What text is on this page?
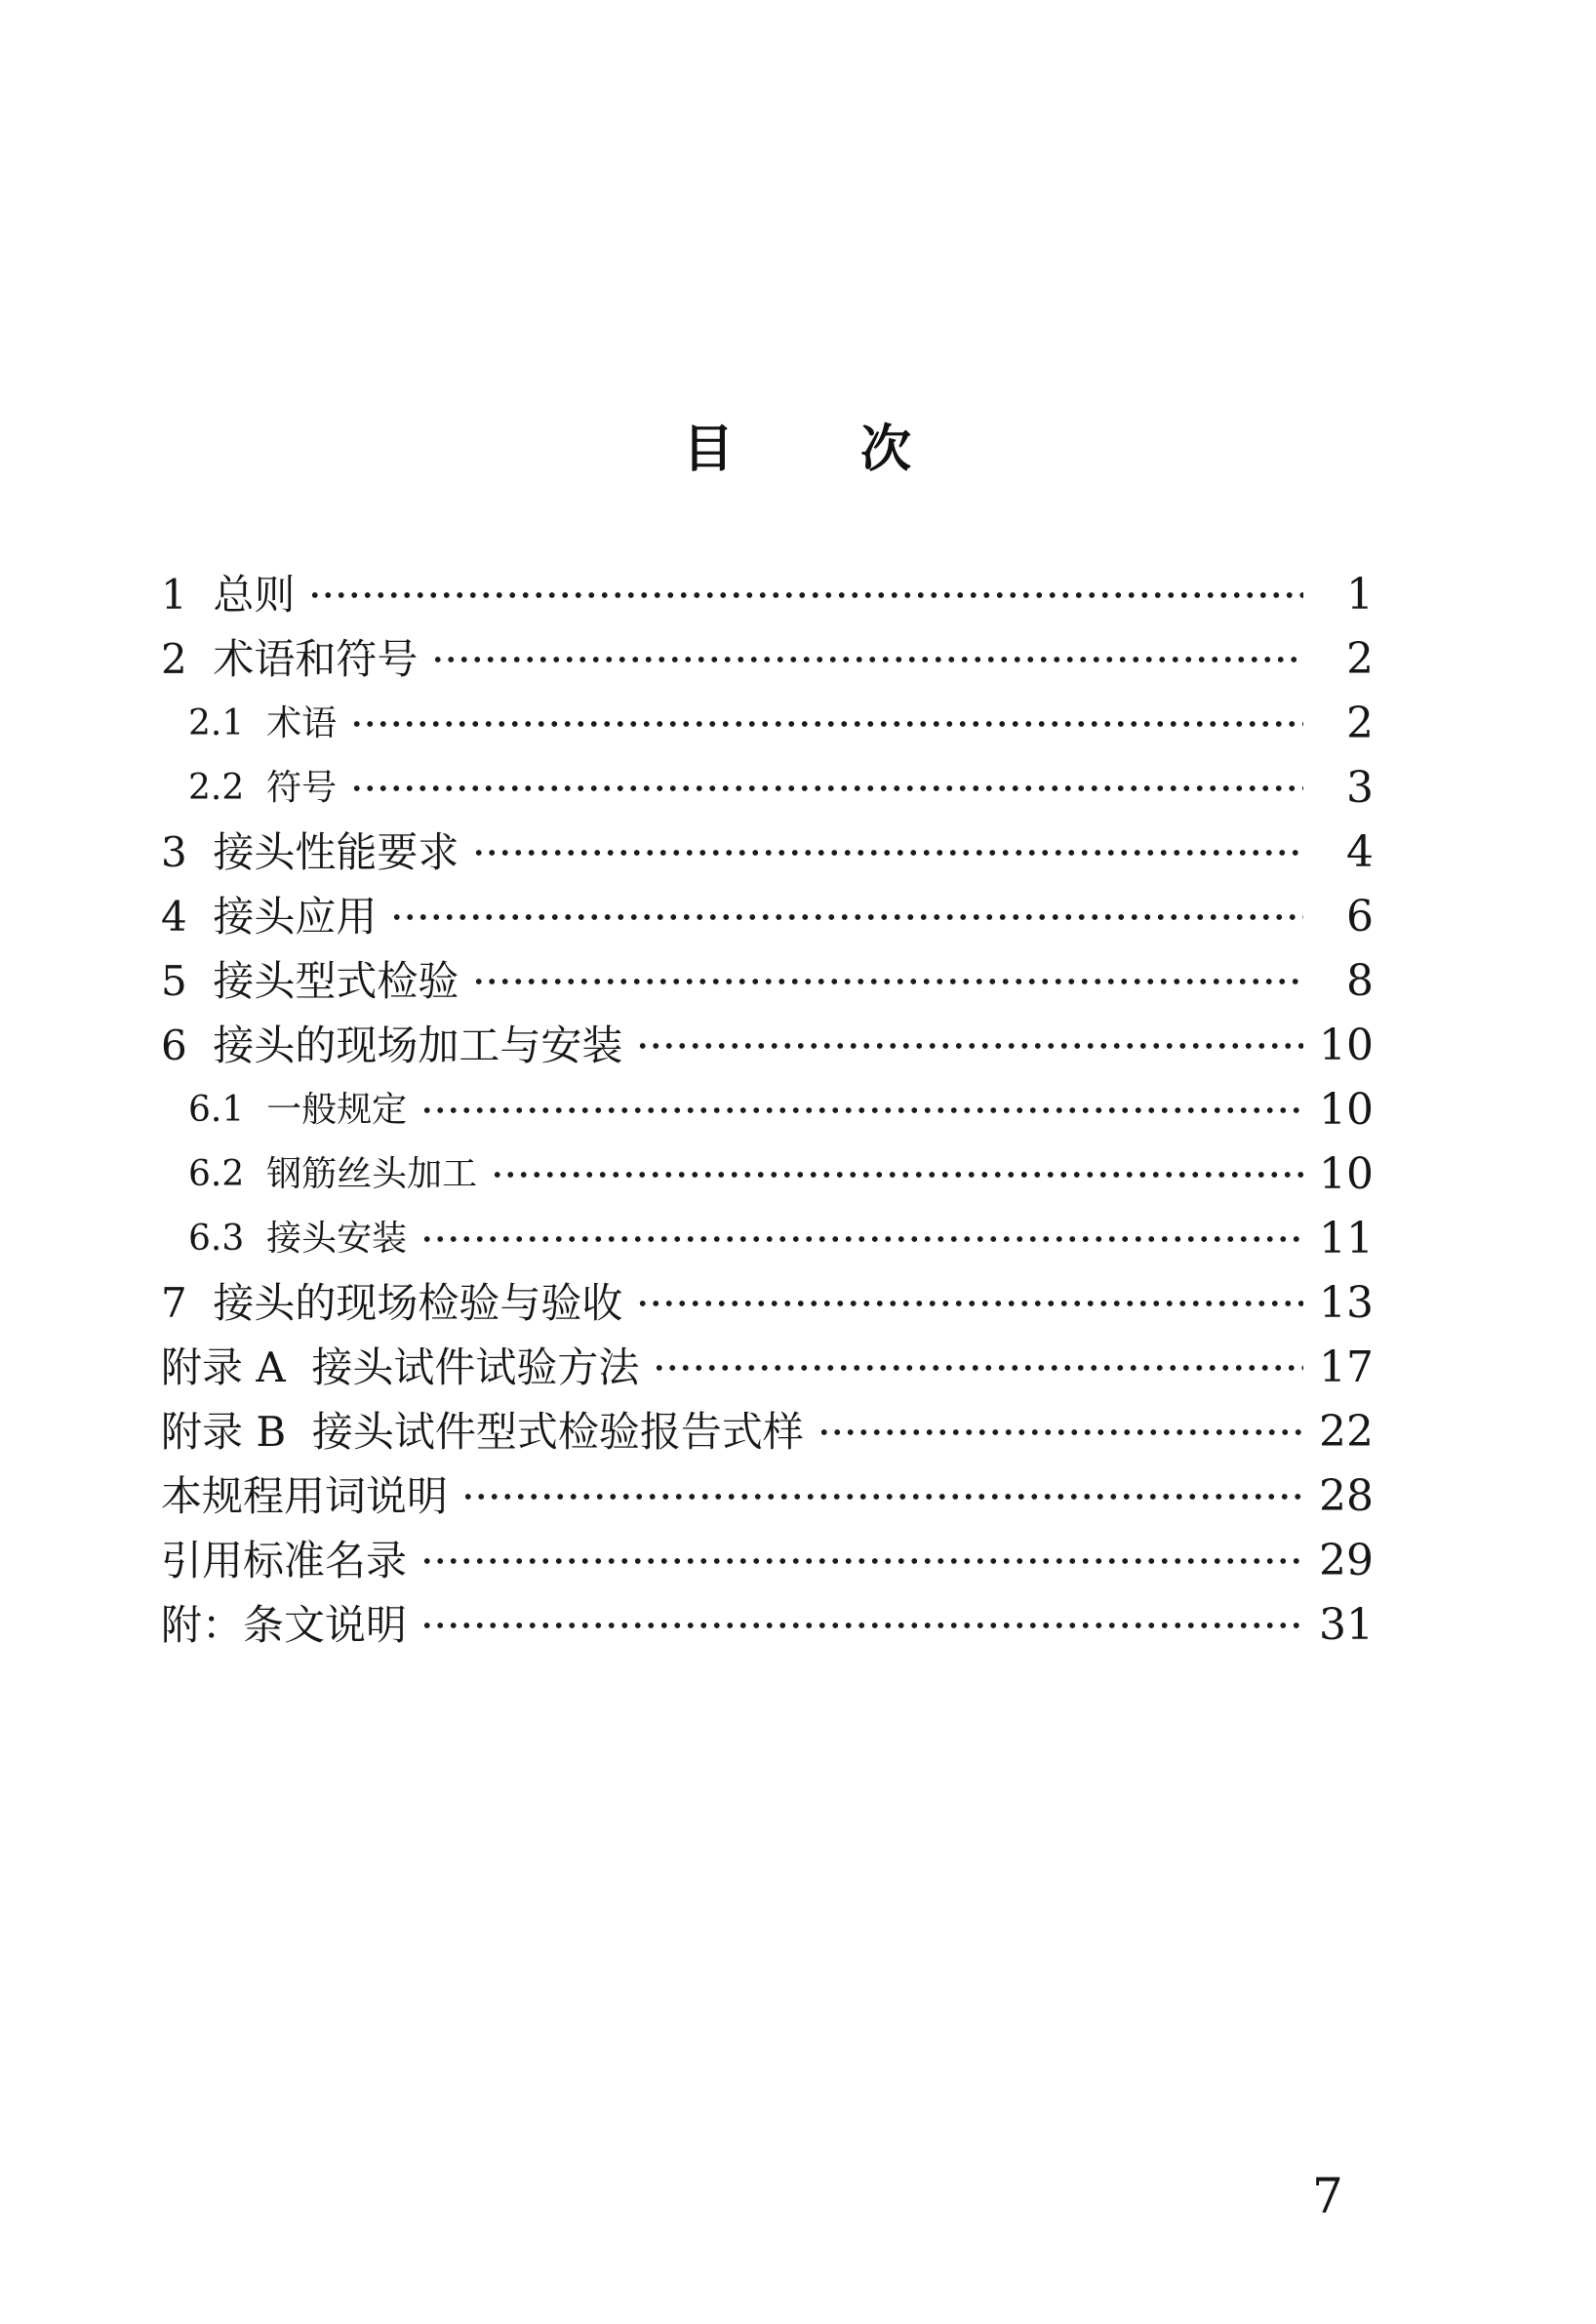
目 次
1  总则	1
2  术语和符号	2
2.1  术语	2
2.2  符号	3
3  接头性能要求	4
4  接头应用	6
5  接头型式检验	8
6  接头的现场加工与安装	10
6.1  一般规定	10
6.2  钢筋丝头加工	10
6.3  接头安装	11
7  接头的现场检验与验收	13
附录 A  接头试件试验方法	17
附录 B  接头试件型式检验报告式样	22
本规程用词说明	28
引用标准名录	29
附：条文说明	31
7
